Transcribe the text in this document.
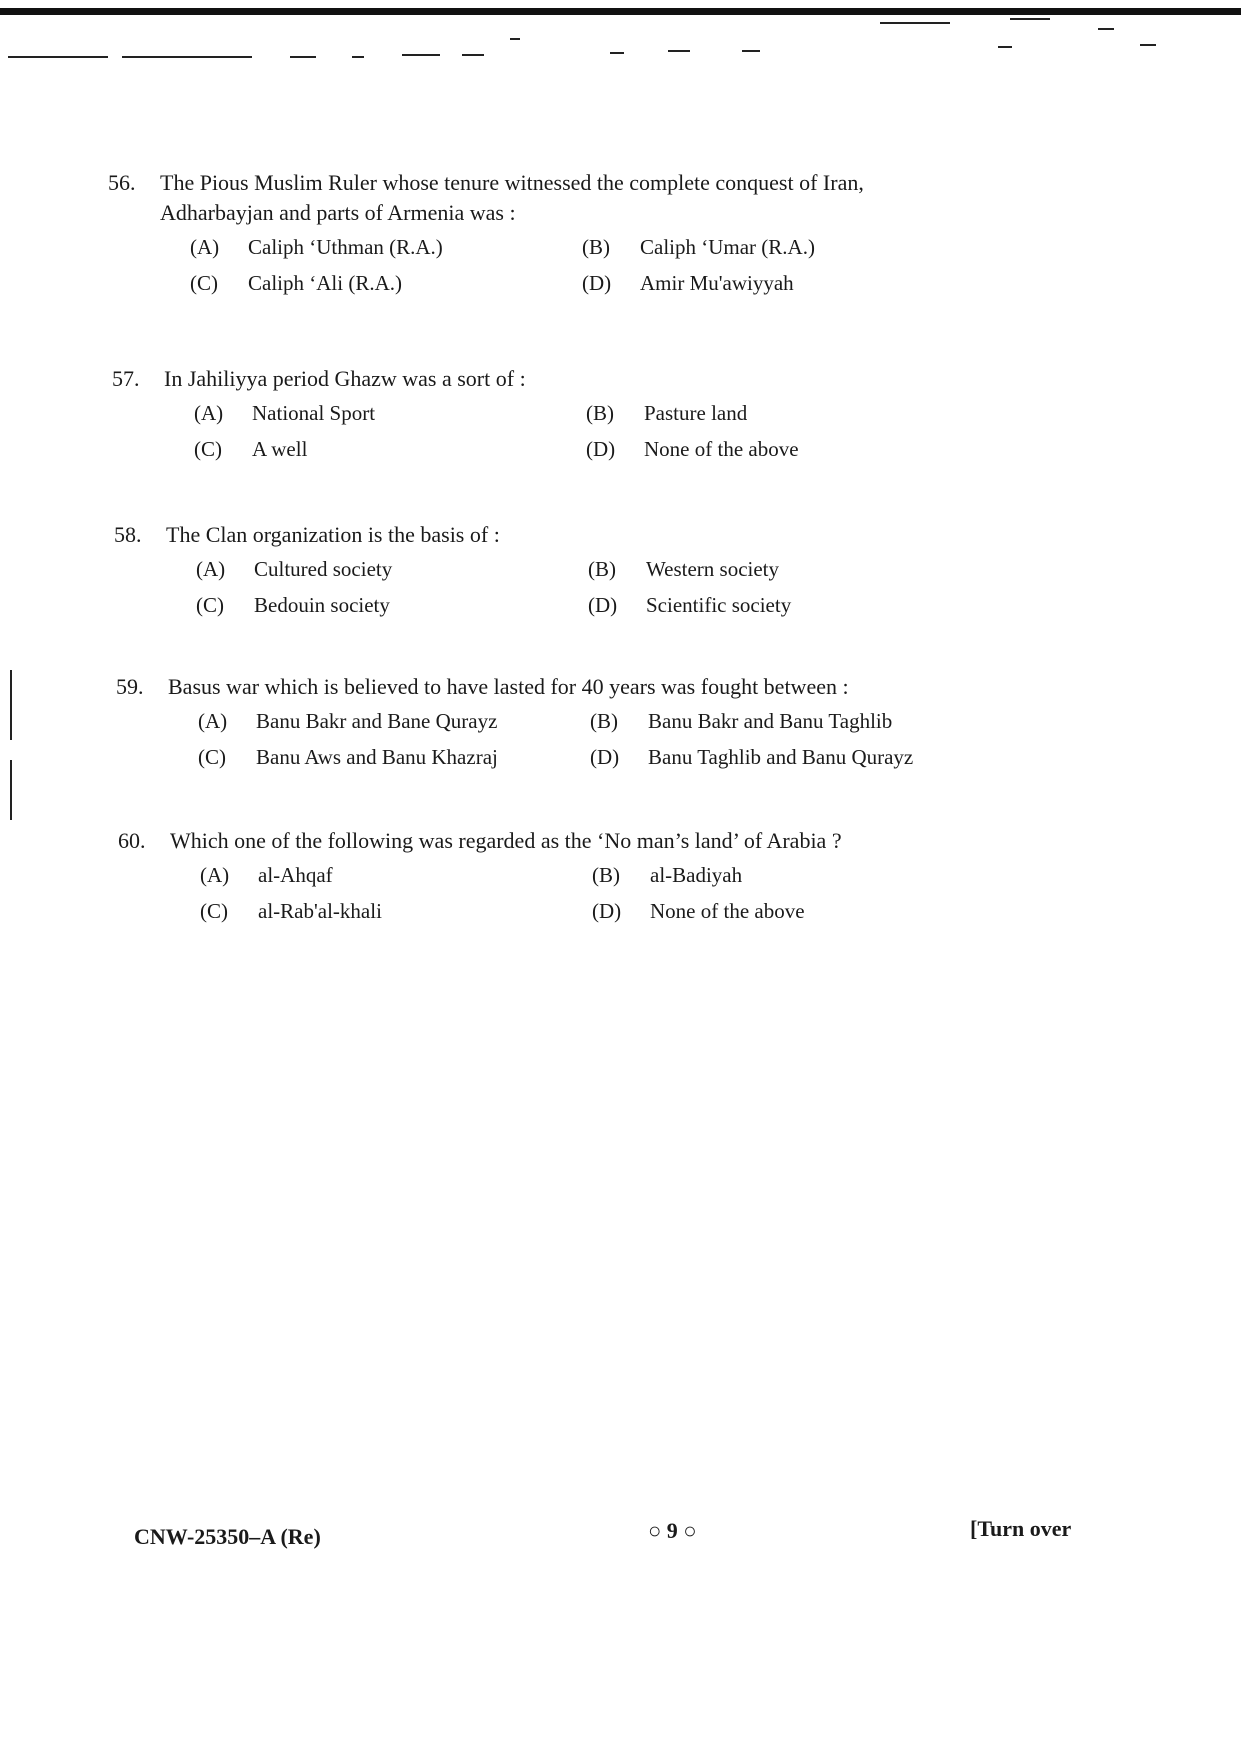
56.	The Pious Muslim Ruler whose tenure witnessed the complete conquest of Iran, Adharbayjan and parts of Armenia was :
(A)	Caliph ‘Uthman (R.A.)	(B)	Caliph ‘Umar (R.A.)
(C)	Caliph ‘Ali (R.A.)	(D)	Amir Mu'awiyyah
57.	In Jahiliyya period Ghazw was a sort of :
(A)	National Sport	(B)	Pasture land
(C)	A well	(D)	None of the above
58.	The Clan organization is the basis of :
(A)	Cultured society	(B)	Western society
(C)	Bedouin society	(D)	Scientific society
59.	Basus war which is believed to have lasted for 40 years was fought between :
(A)	Banu Bakr and Bane Qurayz	(B)	Banu Bakr and Banu Taghlib
(C)	Banu Aws and Banu Khazraj	(D)	Banu Taghlib and Banu Qurayz
60.	Which one of the following was regarded as the ‘No man’s land’ of Arabia ?
(A)	al-Ahqaf	(B)	al-Badiyah
(C)	al-Rab'al-khali	(D)	None of the above
CNW-25350–A (Re)	○ 9 ○	[Turn over
